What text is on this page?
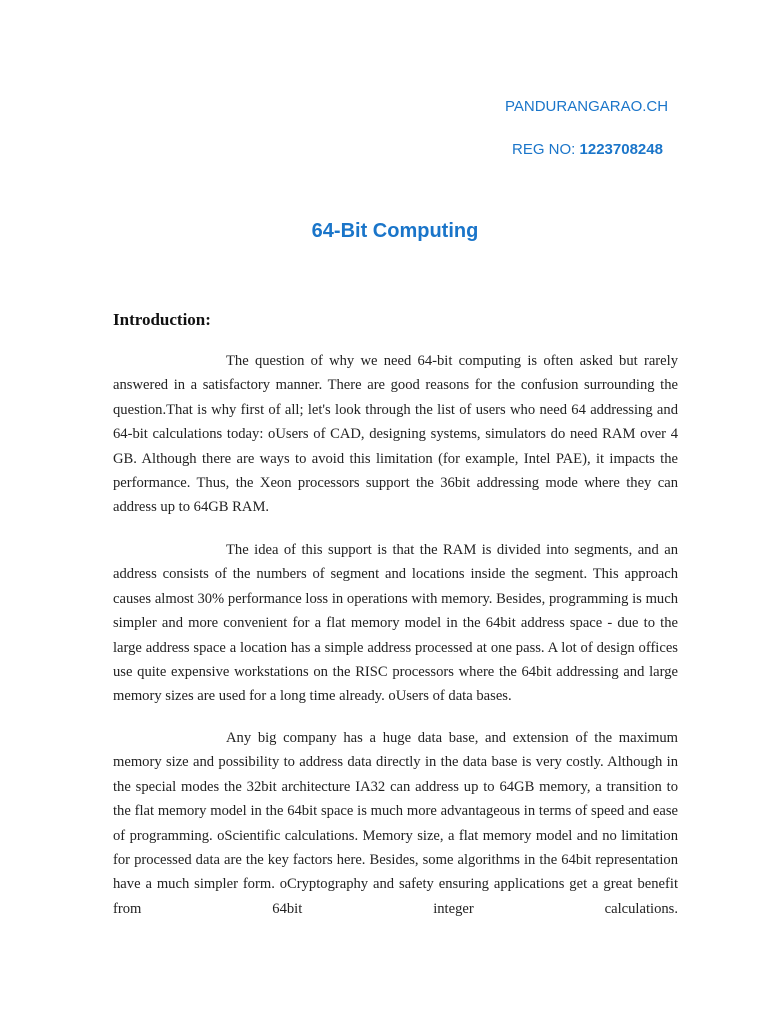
PANDURANGARAO.CH
REG NO: 1223708248
64-Bit Computing
Introduction:

The question of why we need 64-bit computing is often asked but rarely answered in a satisfactory manner. There are good reasons for the confusion surrounding the question.That is why first of all; let's look through the list of users who need 64 addressing and 64-bit calculations today: oUsers of CAD, designing systems, simulators do need RAM over 4 GB. Although there are ways to avoid this limitation (for example, Intel PAE), it impacts the performance. Thus, the Xeon processors support the 36bit addressing mode where they can address up to 64GB RAM.

The idea of this support is that the RAM is divided into segments, and an address consists of the numbers of segment and locations inside the segment. This approach causes almost 30% performance loss in operations with memory. Besides, programming is much simpler and more convenient for a flat memory model in the 64bit address space - due to the large address space a location has a simple address processed at one pass. A lot of design offices use quite expensive workstations on the RISC processors where the 64bit addressing and large memory sizes are used for a long time already. oUsers of data bases.

Any big company has a huge data base, and extension of the maximum memory size and possibility to address data directly in the data base is very costly. Although in the special modes the 32bit architecture IA32 can address up to 64GB memory, a transition to the flat memory model in the 64bit space is much more advantageous in terms of speed and ease of programming. oScientific calculations. Memory size, a flat memory model and no limitation for processed data are the key factors here. Besides, some algorithms in the 64bit representation have a much simpler form. oCryptography and safety ensuring applications get a great benefit from 64bit integer calculations.
